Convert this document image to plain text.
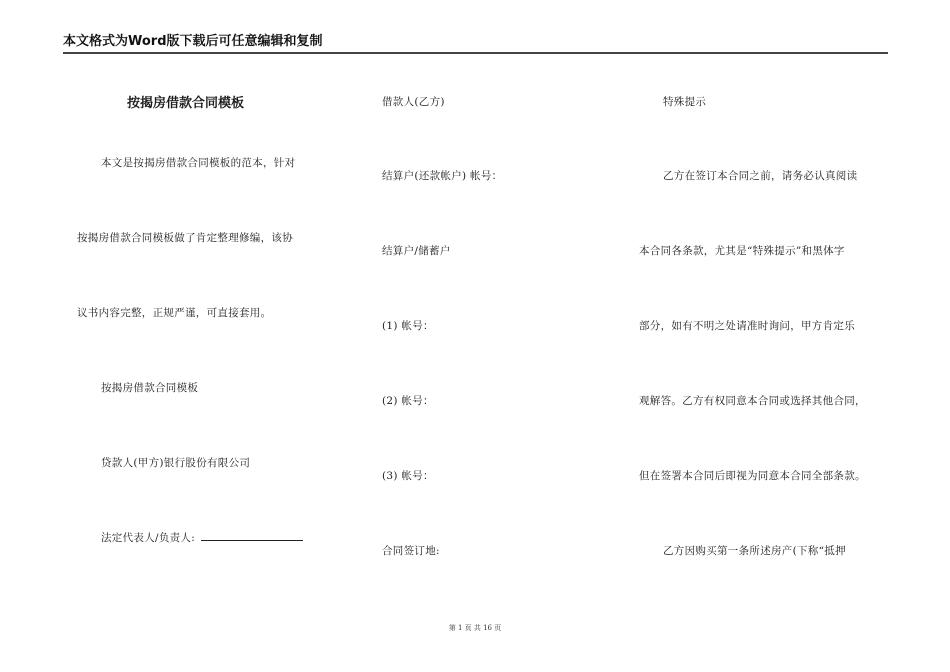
本文格式为Word版下载后可任意编辑和复制
按揭房借款合同模板
本文是按揭房借款合同模板的范本，针对
按揭房借款合同模板做了肯定整理修编，该协
议书内容完整，正规严谨，可直接套用。
按揭房借款合同模板
贷款人(甲方)银行股份有限公司
法定代表人/负责人:
借款人(乙方)
结算户(还款帐户) 帐号：
结算户/储蓄户
(1) 帐号：
(2) 帐号：
(3) 帐号：
合同签订地:
特殊提示
乙方在签订本合同之前，请务必认真阅读
本合同各条款，尤其是“特殊提示”和黑体字
部分，如有不明之处请准时询问，甲方肯定乐
观解答。乙方有权同意本合同或选择其他合同，
但在签署本合同后即视为同意本合同全部条款。
乙方因购买第一条所述房产(下称“抵押
第 1 页 共 16 页
